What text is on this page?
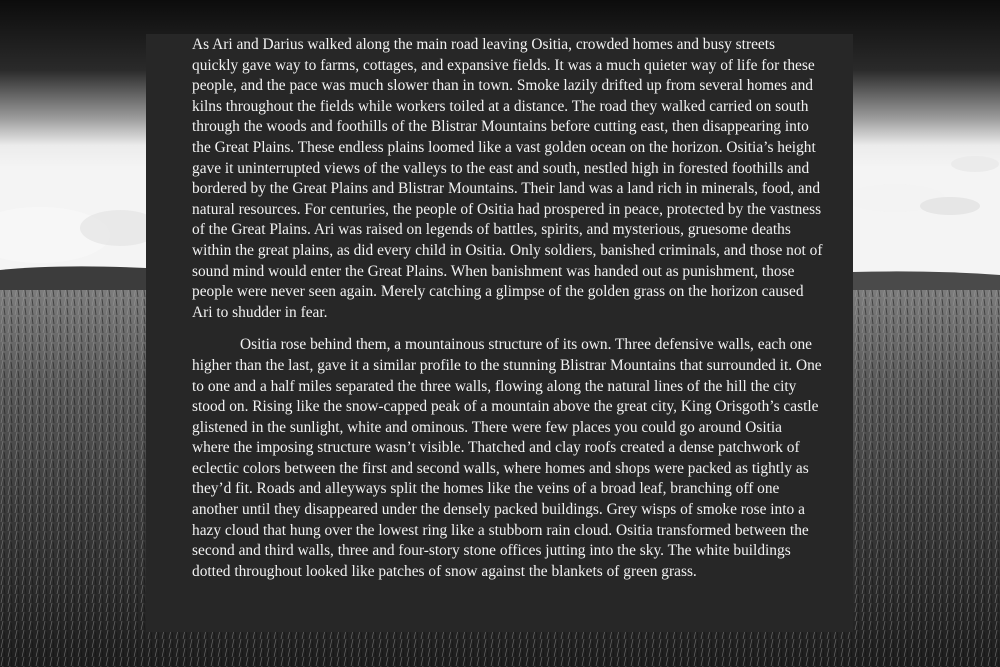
As Ari and Darius walked along the main road leaving Ositia, crowded homes and busy streets quickly gave way to farms, cottages, and expansive fields. It was a much quieter way of life for these people, and the pace was much slower than in town. Smoke lazily drifted up from several homes and kilns throughout the fields while workers toiled at a distance. The road they walked carried on south through the woods and foothills of the Blistrar Mountains before cutting east, then disappearing into the Great Plains. These endless plains loomed like a vast golden ocean on the horizon. Ositia’s height gave it uninterrupted views of the valleys to the east and south, nestled high in forested foothills and bordered by the Great Plains and Blistrar Mountains. Their land was a land rich in minerals, food, and natural resources. For centuries, the people of Ositia had prospered in peace, protected by the vastness of the Great Plains. Ari was raised on legends of battles, spirits, and mysterious, gruesome deaths within the great plains, as did every child in Ositia. Only soldiers, banished criminals, and those not of sound mind would enter the Great Plains. When banishment was handed out as punishment, those people were never seen again. Merely catching a glimpse of the golden grass on the horizon caused Ari to shudder in fear.

Ositia rose behind them, a mountainous structure of its own. Three defensive walls, each one higher than the last, gave it a similar profile to the stunning Blistrar Mountains that surrounded it. One to one and a half miles separated the three walls, flowing along the natural lines of the hill the city stood on. Rising like the snow-capped peak of a mountain above the great city, King Orisgoth’s castle glistened in the sunlight, white and ominous. There were few places you could go around Ositia where the imposing structure wasn’t visible. Thatched and clay roofs created a dense patchwork of eclectic colors between the first and second walls, where homes and shops were packed as tightly as they’d fit. Roads and alleyways split the homes like the veins of a broad leaf, branching off one another until they disappeared under the densely packed buildings. Grey wisps of smoke rose into a hazy cloud that hung over the lowest ring like a stubborn rain cloud. Ositia transformed between the second and third walls, three and four-story stone offices jutting into the sky. The white buildings dotted throughout looked like patches of snow against the blankets of green grass.
